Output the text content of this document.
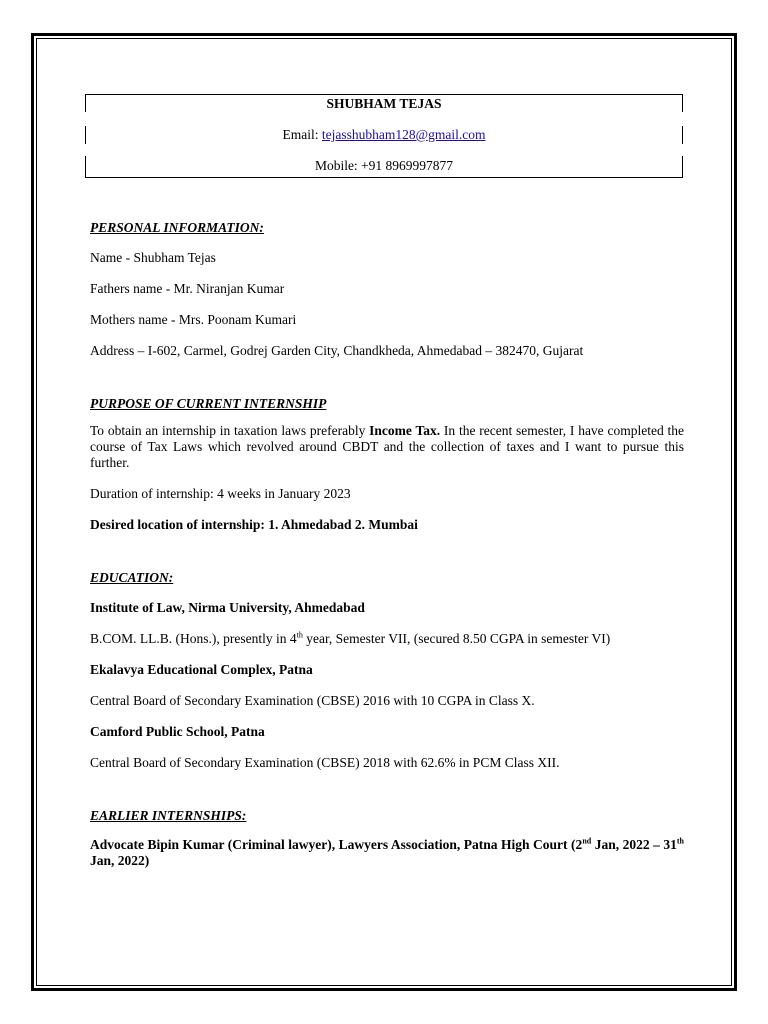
SHUBHAM TEJAS
Email: tejasshubham128@gmail.com
Mobile: +91 8969997877

PERSONAL INFORMATION:

Name - Shubham Tejas

Fathers name - Mr. Niranjan Kumar

Mothers name - Mrs. Poonam Kumari

Address – I-602, Carmel, Godrej Garden City, Chandkheda, Ahmedabad – 382470, Gujarat

PURPOSE OF CURRENT INTERNSHIP

To obtain an internship in taxation laws preferably Income Tax. In the recent semester, I have completed the course of Tax Laws which revolved around CBDT and the collection of taxes and I want to pursue this further.

Duration of internship: 4 weeks in January 2023

Desired location of internship: 1. Ahmedabad 2. Mumbai

EDUCATION:

Institute of Law, Nirma University, Ahmedabad

B.COM. LL.B. (Hons.), presently in 4th year, Semester VII, (secured 8.50 CGPA in semester VI)

Ekalavya Educational Complex, Patna

Central Board of Secondary Examination (CBSE) 2016 with 10 CGPA in Class X.

Camford Public School, Patna

Central Board of Secondary Examination (CBSE) 2018 with 62.6% in PCM Class XII.

EARLIER INTERNSHIPS:

Advocate Bipin Kumar (Criminal lawyer), Lawyers Association, Patna High Court (2nd Jan, 2022 – 31th Jan, 2022)
